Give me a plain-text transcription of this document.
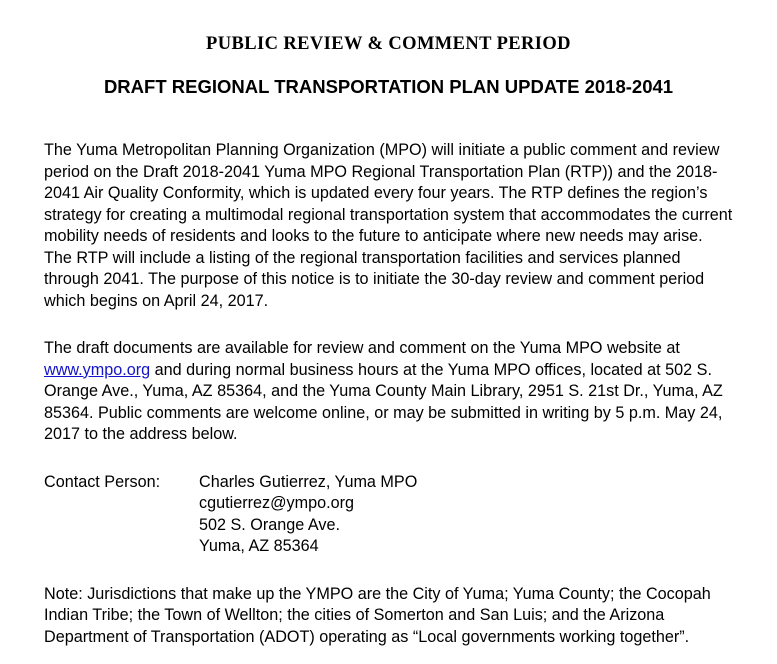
PUBLIC REVIEW & COMMENT PERIOD
DRAFT REGIONAL TRANSPORTATION PLAN UPDATE 2018-2041

The Yuma Metropolitan Planning Organization (MPO) will initiate a public comment and review period on the Draft 2018-2041 Yuma MPO Regional Transportation Plan (RTP)) and the 2018-2041 Air Quality Conformity, which is updated every four years. The RTP defines the region’s strategy for creating a multimodal regional transportation system that accommodates the current mobility needs of residents and looks to the future to anticipate where new needs may arise. The RTP will include a listing of the regional transportation facilities and services planned through 2041. The purpose of this notice is to initiate the 30-day review and comment period which begins on April 24, 2017.

The draft documents are available for review and comment on the Yuma MPO website at www.ympo.org and during normal business hours at the Yuma MPO offices, located at 502 S. Orange Ave., Yuma, AZ 85364, and the Yuma County Main Library, 2951 S. 21st Dr., Yuma, AZ 85364. Public comments are welcome online, or may be submitted in writing by 5 p.m. May 24, 2017 to the address below.

Contact Person:	Charles Gutierrez, Yuma MPO
cgutierrez@ympo.org
502 S. Orange Ave.
Yuma, AZ 85364

Note: Jurisdictions that make up the YMPO are the City of Yuma; Yuma County; the Cocopah Indian Tribe; the Town of Wellton; the cities of Somerton and San Luis; and the Arizona Department of Transportation (ADOT) operating as “Local governments working together”.
